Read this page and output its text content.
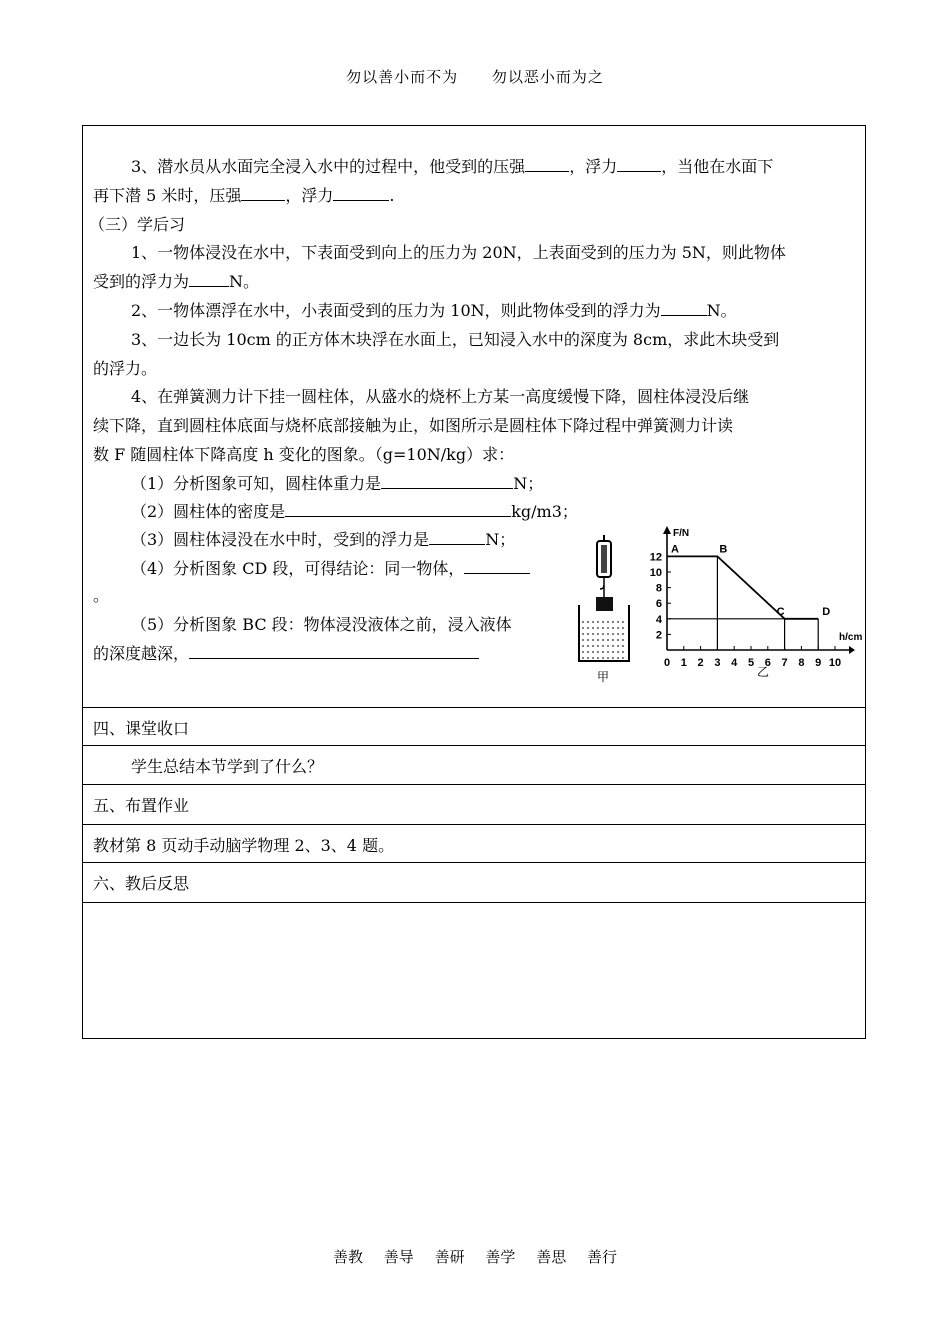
勿以善小而不为 勿以恶小而为之
3、潜水员从水面完全浸入水中的过程中，他受到的压强	，浮力	，当他在水面下
再下潜 5 米时，压强	，浮力	.
（三）学后习
1、一物体浸没在水中，下表面受到向上的压力为 20N，上表面受到的压力为 5N，则此物体
受到的浮力为	N。
2、一物体漂浮在水中，小表面受到的压力为 10N，则此物体受到的浮力为	N。
3、一边长为 10cm 的正方体木块浮在水面上，已知浸入水中的深度为 8cm，求此木块受到
的浮力。
4、在弹簧测力计下挂一圆柱体，从盛水的烧杯上方某一高度缓慢下降，圆柱体浸没后继
续下降，直到圆柱体底面与烧杯底部接触为止，如图所示是圆柱体下降过程中弹簧测力计读
数 F 随圆柱体下降高度 h 变化的图象。（g=10N/kg）求：
（1）分析图象可知，圆柱体重力是	N；
（2）圆柱体的密度是	kg/m3；
（3）圆柱体浸没在水中时，受到的浮力是	N；
（4）分析图象 CD 段，可得结论：同一物体，
。
（5）分析图象 BC 段：物体浸没液体之前，浸入液体
的深度越深，
甲
F/N
h/cm
乙
0 1 2 3 4 5 6 7 8 9 10
2
4
6
8
10
12
A	B
C	D
四、课堂收口
学生总结本节学到了什么？
五、布置作业
教材第 8 页动手动脑学物理 2、3、4 题。
六、教后反思
善教 善导 善研 善学 善思 善行
